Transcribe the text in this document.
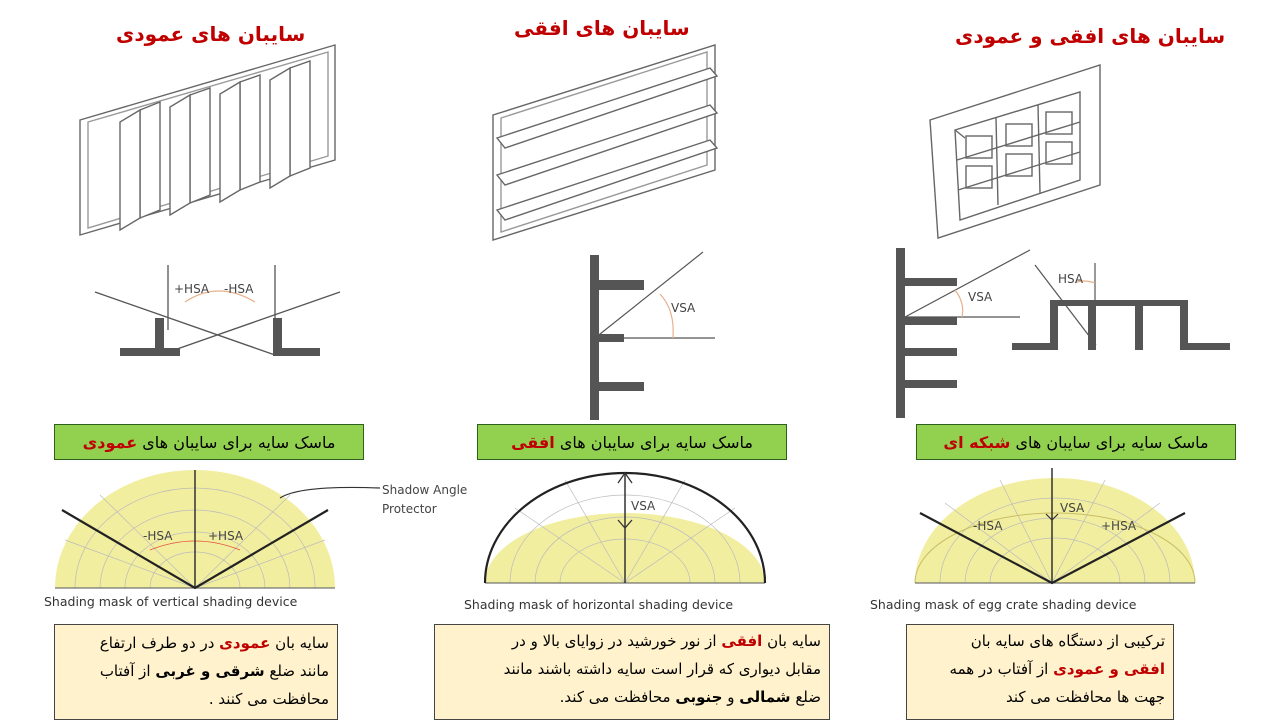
سایبان های عمودی	سایبان های افقی	سایبان های افقی و عمودی
+HSA -HSA
ماسک سایه برای سایبان های

عمودی
-HSA	+HSA
Shadow Angle
Protector
Shading mask of vertical shading device
سایه بان عمودی در دو طرف ارتفاع
مانند ضلع شرقی و غربی از آفتاب
محافظت می کنند .
VSA
ماسک سایه برای سایبان های

افقی
VSA
Shading mask of horizontal shading device
سایه بان افقی از نور خورشید در زوایای بالا و در
مقابل دیواری که قرار است سایه داشته باشند مانند
ضلع شمالی و جنوبی محافظت می کند.
VSA
HSA
ماسک سایه برای سایبان های

شبکه ای
-HSA
VSA
+HSA
Shading mask of egg crate shading device
ترکیبی از دستگاه های سایه بان
افقی و عمودی از آفتاب در همه
جهت ها محافظت می کند
